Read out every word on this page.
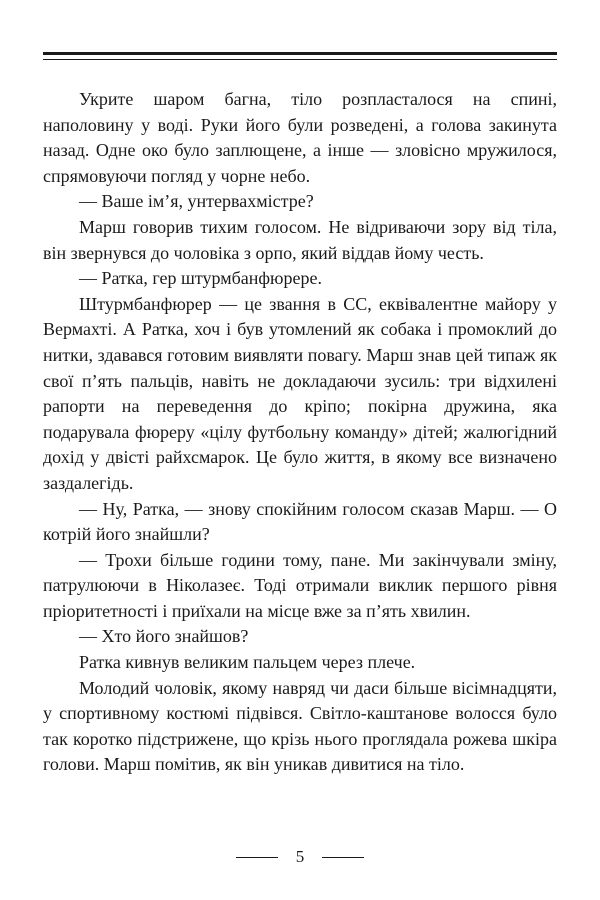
Укрите шаром багна, тіло розпласталося на спині, наполовину у воді. Руки його були розведені, а голова закинута назад. Одне око було заплющене, а інше — зловісно мружилося, спрямовуючи погляд у чорне небо.

— Ваше ім’я, унтервахмістре?

Марш говорив тихим голосом. Не відриваючи зору від тіла, він звернувся до чоловіка з орпо, який віддав йому честь.

— Ратка, гер штурмбанфюрере.

Штурмбанфюрер — це звання в СС, еквівалентне майору у Вермахті. А Ратка, хоч і був утомлений як собака і промоклий до нитки, здавався готовим виявляти повагу. Марш знав цей типаж як свої п’ять пальців, навіть не докладаючи зусиль: три відхилені рапорти на переведення до кріпо; покірна дружина, яка подарувала фюреру «цілу футбольну команду» дітей; жалюгідний дохід у двісті райхсмарок. Це було життя, в якому все визначено заздалегідь.

— Ну, Ратка, — знову спокійним голосом сказав Марш. — О котрій його знайшли?

— Трохи більше години тому, пане. Ми закінчували зміну, патрулюючи в Ніколазеє. Тоді отримали виклик першого рівня пріоритетності і приїхали на місце вже за п’ять хвилин.

— Хто його знайшов?

Ратка кивнув великим пальцем через плече.

Молодий чоловік, якому навряд чи даси більше вісімнадцяти, у спортивному костюмі підвівся. Світло-каштанове волосся було так коротко підстрижене, що крізь нього проглядала рожева шкіра голови. Марш помітив, як він уникав дивитися на тіло.

5
